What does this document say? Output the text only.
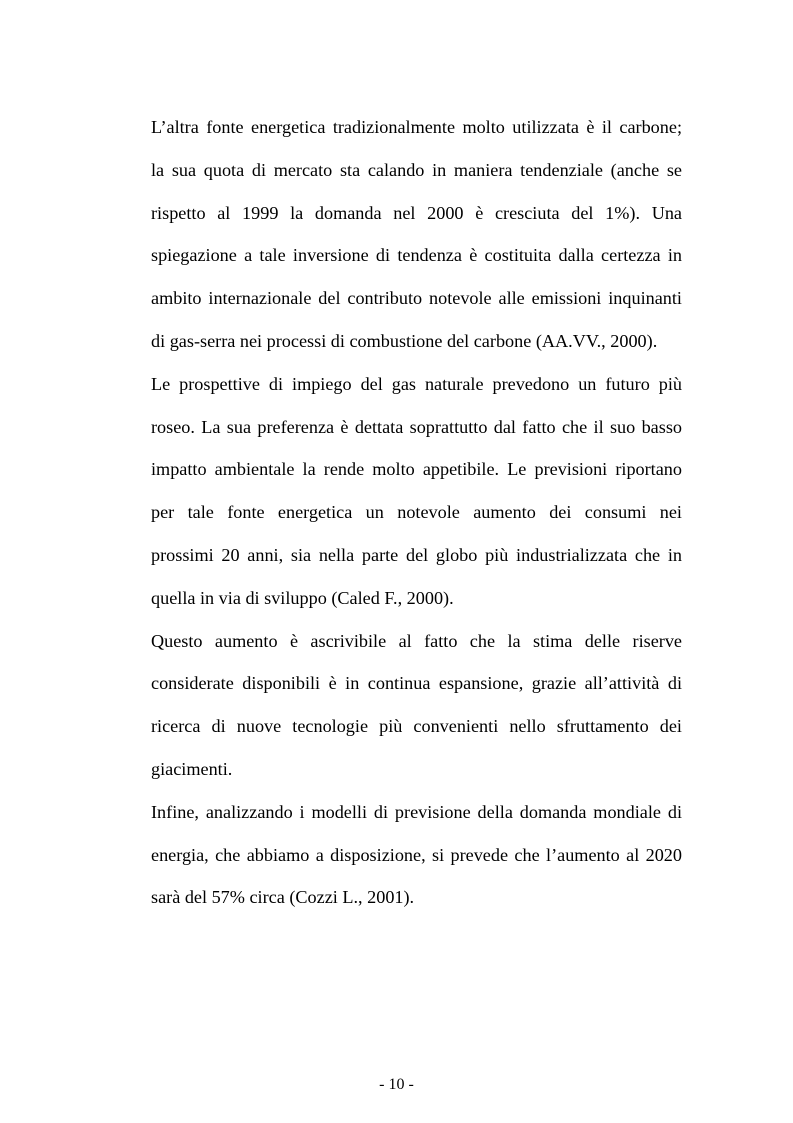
L’altra fonte energetica tradizionalmente molto utilizzata è il carbone;
la sua quota di mercato sta calando in maniera tendenziale (anche se
rispetto al 1999 la domanda nel 2000 è cresciuta del 1%). Una
spiegazione a tale inversione di tendenza è costituita dalla certezza in
ambito internazionale del contributo notevole alle emissioni inquinanti
di gas-serra nei processi di combustione del carbone (AA.VV., 2000).

Le prospettive di impiego del gas naturale prevedono un futuro più
roseo. La sua preferenza è dettata soprattutto dal fatto che il suo basso
impatto ambientale la rende molto appetibile. Le previsioni riportano
per tale fonte energetica un notevole aumento dei consumi nei
prossimi 20 anni, sia nella parte del globo più industrializzata che in
quella in via di sviluppo (Caled F., 2000).

Questo aumento è ascrivibile al fatto che la stima delle riserve
considerate disponibili è in continua espansione, grazie all’attività di
ricerca di nuove tecnologie più convenienti nello sfruttamento dei
giacimenti.

Infine, analizzando i modelli di previsione della domanda mondiale di
energia, che abbiamo a disposizione, si prevede che l’aumento al 2020
sarà del 57% circa (Cozzi L., 2001).

- 10 -
